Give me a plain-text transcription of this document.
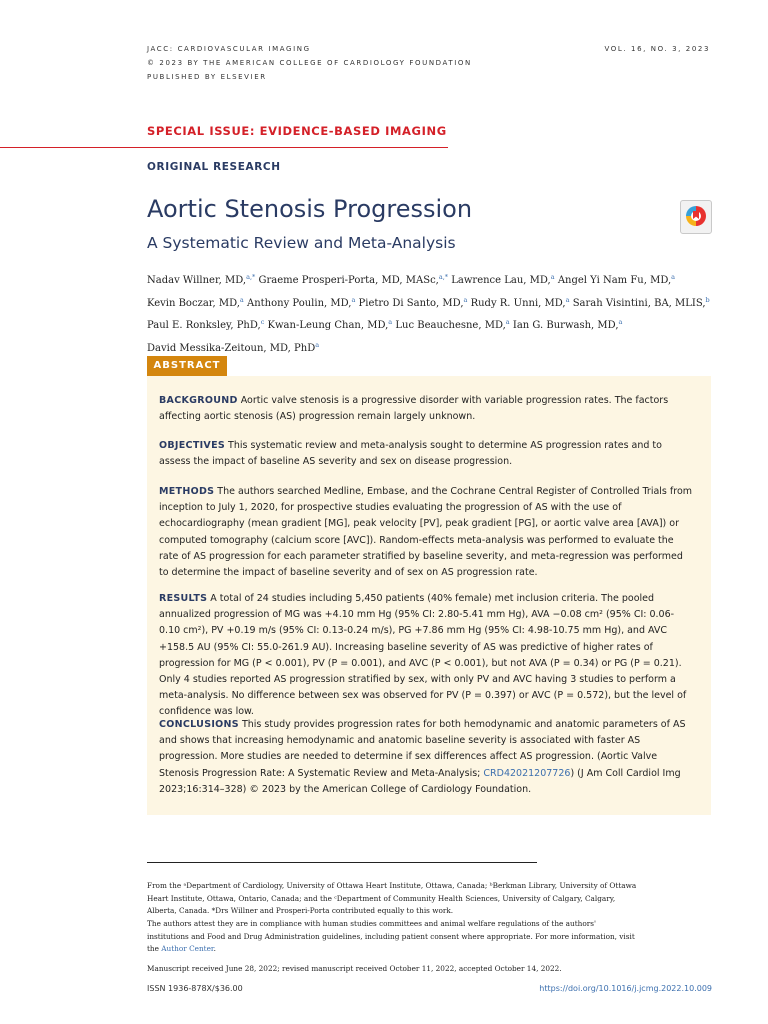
JACC: CARDIOVASCULAR IMAGING
© 2023 BY THE AMERICAN COLLEGE OF CARDIOLOGY FOUNDATION
PUBLISHED BY ELSEVIER
VOL. 16, NO. 3, 2023
SPECIAL ISSUE: EVIDENCE-BASED IMAGING
ORIGINAL RESEARCH
Aortic Stenosis Progression
A Systematic Review and Meta-Analysis
Nadav Willner, MD,$^{a,*}$ Graeme Prosperi-Porta, MD, MASc,$^{a,*}$ Lawrence Lau, MD,$^a$ Angel Yi Nam Fu, MD,$^a$
Kevin Boczar, MD,$^a$ Anthony Poulin, MD,$^a$ Pietro Di Santo, MD,$^a$ Rudy R. Unni, MD,$^a$ Sarah Visintini, BA, MLIS,$^b$
Paul E. Ronksley, PhD,$^c$ Kwan-Leung Chan, MD,$^a$ Luc Beauchesne, MD,$^a$ Ian G. Burwash, MD,$^a$
David Messika-Zeitoun, MD, PhD$^a$
ABSTRACT
BACKGROUND Aortic valve stenosis is a progressive disorder with variable progression rates. The factors affecting aortic stenosis (AS) progression remain largely unknown.
OBJECTIVES This systematic review and meta-analysis sought to determine AS progression rates and to assess the impact of baseline AS severity and sex on disease progression.
METHODS The authors searched Medline, Embase, and the Cochrane Central Register of Controlled Trials from inception to July 1, 2020, for prospective studies evaluating the progression of AS with the use of echocardiography (mean gradient [MG], peak velocity [PV], peak gradient [PG], or aortic valve area [AVA]) or computed tomography (calcium score [AVC]). Random-effects meta-analysis was performed to evaluate the rate of AS progression for each parameter stratified by baseline severity, and meta-regression was performed to determine the impact of baseline severity and of sex on AS progression rate.
RESULTS A total of 24 studies including 5,450 patients (40% female) met inclusion criteria. The pooled annualized progression of MG was +4.10 mm Hg (95% CI: 2.80-5.41 mm Hg), AVA −0.08 cm² (95% CI: 0.06-0.10 cm²), PV +0.19 m/s (95% CI: 0.13-0.24 m/s), PG +7.86 mm Hg (95% CI: 4.98-10.75 mm Hg), and AVC +158.5 AU (95% CI: 55.0-261.9 AU). Increasing baseline severity of AS was predictive of higher rates of progression for MG (P < 0.001), PV (P = 0.001), and AVC (P < 0.001), but not AVA (P = 0.34) or PG (P = 0.21). Only 4 studies reported AS progression stratified by sex, with only PV and AVC having 3 studies to perform a meta-analysis. No difference between sex was observed for PV (P = 0.397) or AVC (P = 0.572), but the level of confidence was low.
CONCLUSIONS This study provides progression rates for both hemodynamic and anatomic parameters of AS and shows that increasing hemodynamic and anatomic baseline severity is associated with faster AS progression. More studies are needed to determine if sex differences affect AS progression. (Aortic Valve Stenosis Progression Rate: A Systematic Review and Meta-Analysis; CRD42021207726) (J Am Coll Cardiol Img 2023;16:314–328) © 2023 by the American College of Cardiology Foundation.
From the ᵃDepartment of Cardiology, University of Ottawa Heart Institute, Ottawa, Canada; ᵇBerkman Library, University of Ottawa Heart Institute, Ottawa, Ontario, Canada; and the ᶜDepartment of Community Health Sciences, University of Calgary, Calgary, Alberta, Canada. *Drs Willner and Prosperi-Porta contributed equally to this work.
The authors attest they are in compliance with human studies committees and animal welfare regulations of the authors' institutions and Food and Drug Administration guidelines, including patient consent where appropriate. For more information, visit the Author Center.
Manuscript received June 28, 2022; revised manuscript received October 11, 2022, accepted October 14, 2022.
ISSN 1936-878X/$36.00	https://doi.org/10.1016/j.jcmg.2022.10.009
